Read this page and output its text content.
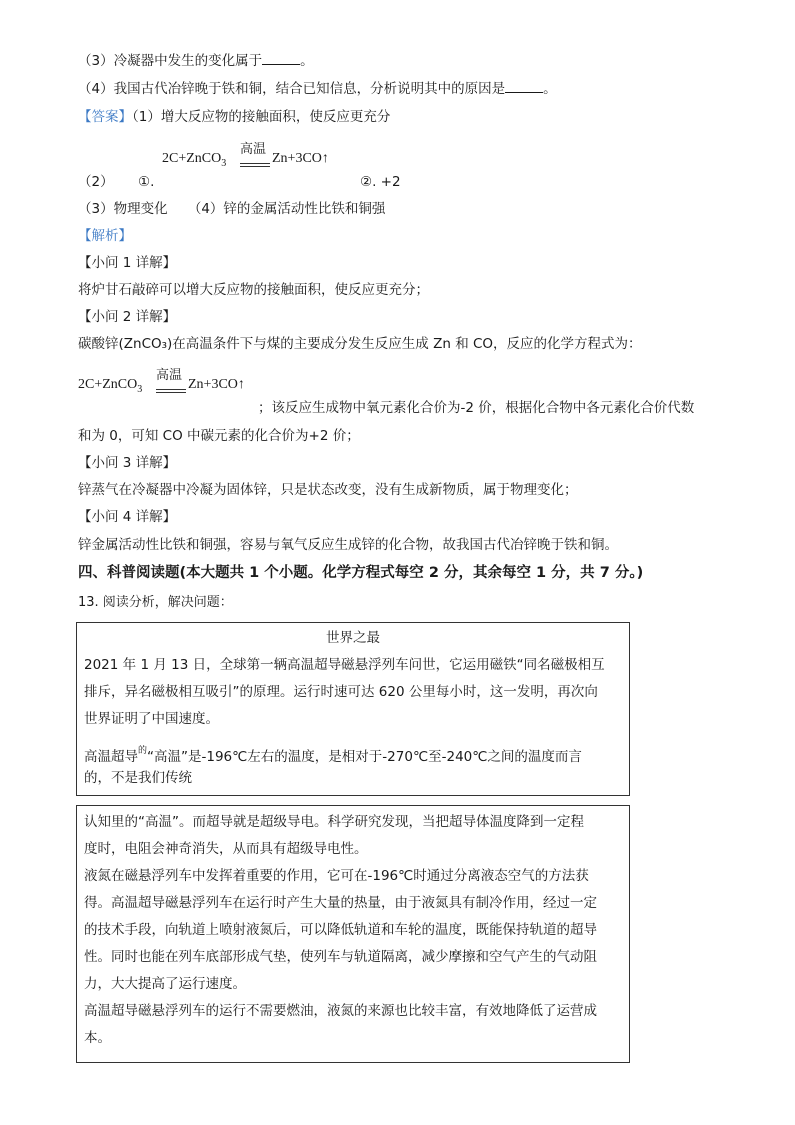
（3）冷凝器中发生的变化属于	。
（4）我国古代冶锌晚于铁和铜，结合已知信息，分析说明其中的原因是	。
【答案】（1）增大反应物的接触面积，使反应更充分
2C+ZnCO$_3$
高温
Zn+3CO↑
（2） ①.	②. +2
（3）物理变化　　（4）锌的金属活动性比铁和铜强
【解析】
【小问 1 详解】
将炉甘石敲碎可以增大反应物的接触面积，使反应更充分；
【小问 2 详解】
碳酸锌(ZnCO₃)在高温条件下与煤的主要成分发生反应生成 Zn 和 CO，反应的化学方程式为：
2C+ZnCO$_3$
高温
Zn+3CO↑
；该反应生成物中氧元素化合价为-2 价，根据化合物中各元素化合价代数
和为 0，可知 CO 中碳元素的化合价为+2 价；
【小问 3 详解】
锌蒸气在冷凝器中冷凝为固体锌，只是状态改变，没有生成新物质，属于物理变化；
【小问 4 详解】
锌金属活动性比铁和铜强，容易与氧气反应生成锌的化合物，故我国古代冶锌晚于铁和铜。
四、科普阅读题(本大题共 1 个小题。化学方程式每空 2 分，其余每空 1 分，共 7 分。)
13. 阅读分析，解决问题：
世界之最
2021 年 1 月 13 日，全球第一辆高温超导磁悬浮列车问世，它运用磁铁“同名磁极相互
排斥，异名磁极相互吸引”的原理。运行时速可达 620 公里每小时，这一发明，再次向
世界证明了中国速度。
高温超导$^的$“高温”是-196℃左右的温度，是相对于-270℃至-240℃之间的温度而言
的，不是我们传统
认知里的“高温”。而超导就是超级导电。科学研究发现，当把超导体温度降到一定程
度时，电阻会神奇消失，从而具有超级导电性。
液氮在磁悬浮列车中发挥着重要的作用，它可在-196℃时通过分离液态空气的方法获
得。高温超导磁悬浮列车在运行时产生大量的热量，由于液氮具有制冷作用，经过一定
的技术手段，向轨道上喷射液氮后，可以降低轨道和车轮的温度，既能保持轨道的超导
性。同时也能在列车底部形成气垫，使列车与轨道隔离，减少摩擦和空气产生的气动阻
力，大大提高了运行速度。
高温超导磁悬浮列车的运行不需要燃油，液氮的来源也比较丰富，有效地降低了运营成
本。
